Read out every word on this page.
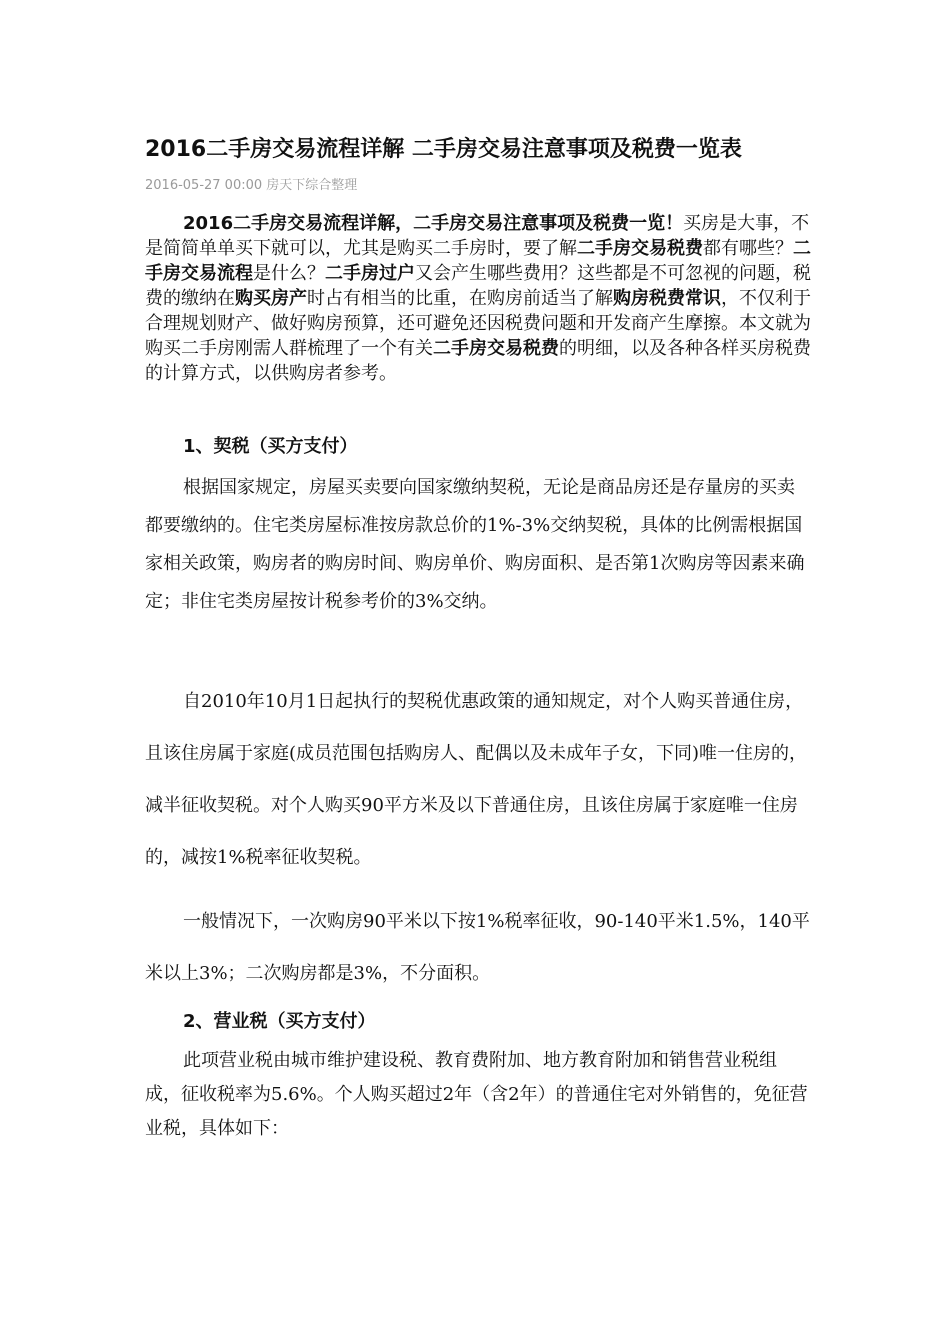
2016二手房交易流程详解 二手房交易注意事项及税费一览表
2016-05-27 00:00 房天下综合整理

2016二手房交易流程详解，二手房交易注意事项及税费一览！买房是大事，不是简简单单买下就可以，尤其是购买二手房时，要了解二手房交易税费都有哪些？二手房交易流程是什么？二手房过户又会产生哪些费用？这些都是不可忽视的问题，税费的缴纳在购买房产时占有相当的比重，在购房前适当了解购房税费常识，不仅利于合理规划财产、做好购房预算，还可避免还因税费问题和开发商产生摩擦。本文就为购买二手房刚需人群梳理了一个有关二手房交易税费的明细，以及各种各样买房税费的计算方式，以供购房者参考。

1、契税（买方支付）

根据国家规定，房屋买卖要向国家缴纳契税，无论是商品房还是存量房的买卖都要缴纳的。住宅类房屋标准按房款总价的1%-3%交纳契税，具体的比例需根据国家相关政策，购房者的购房时间、购房单价、购房面积、是否第1次购房等因素来确定；非住宅类房屋按计税参考价的3%交纳。

自2010年10月1日起执行的契税优惠政策的通知规定，对个人购买普通住房，且该住房属于家庭(成员范围包括购房人、配偶以及未成年子女，下同)唯一住房的，减半征收契税。对个人购买90平方米及以下普通住房，且该住房属于家庭唯一住房的，减按1%税率征收契税。

一般情况下，一次购房90平米以下按1%税率征收，90-140平米1.5%，140平米以上3%；二次购房都是3%，不分面积。

2、营业税（买方支付）

此项营业税由城市维护建设税、教育费附加、地方教育附加和销售营业税组成，征收税率为5.6%。个人购买超过2年（含2年）的普通住宅对外销售的，免征营业税，具体如下：
